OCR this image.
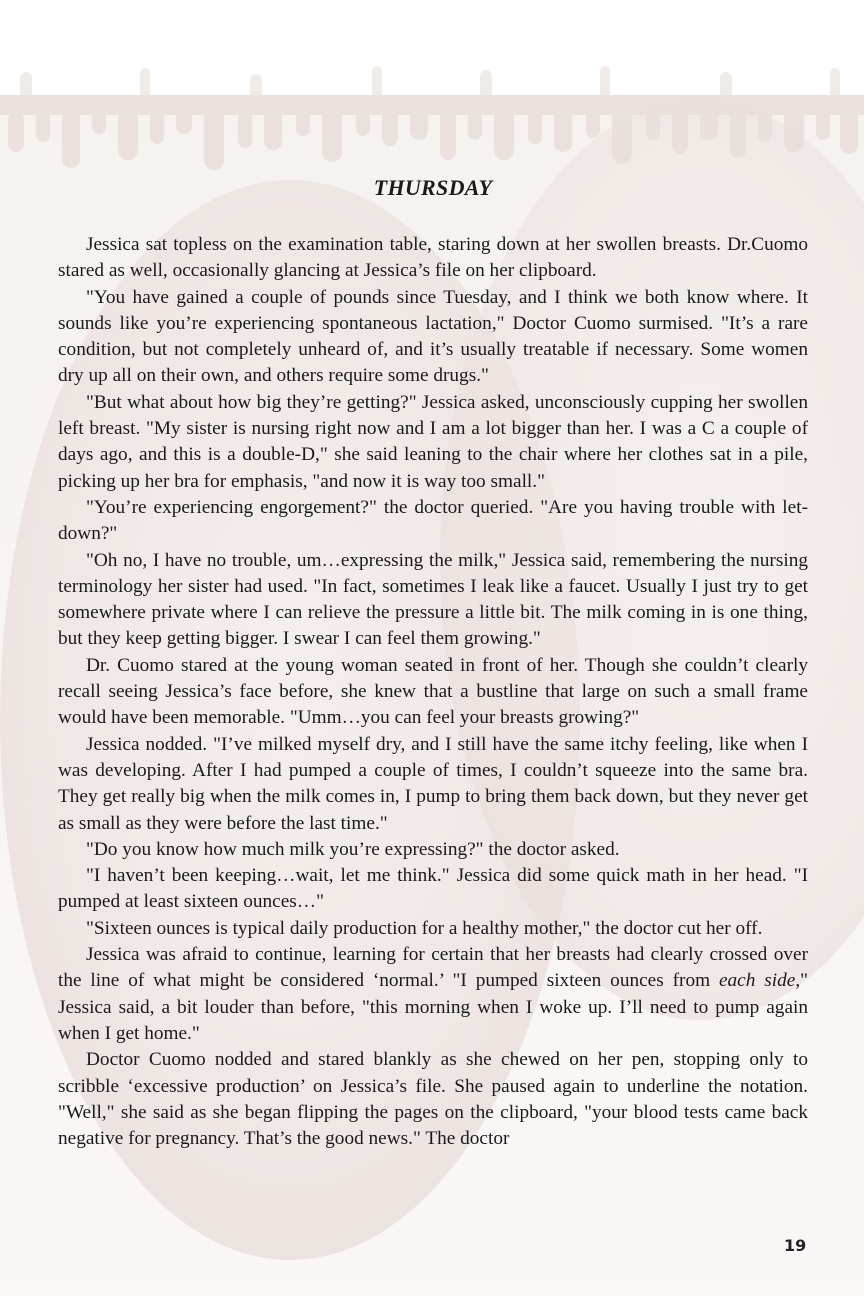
THURSDAY

Jessica sat topless on the examination table, staring down at her swollen breasts. Dr.Cuomo stared as well, occasionally glancing at Jessica’s file on her clipboard.

"You have gained a couple of pounds since Tuesday, and I think we both know where. It sounds like you’re experiencing spontaneous lactation," Doctor Cuomo surmised. "It’s a rare condition, but not completely unheard of, and it’s usually treatable if necessary. Some women dry up all on their own, and others require some drugs."

"But what about how big they’re getting?" Jessica asked, unconsciously cupping her swollen left breast. "My sister is nursing right now and I am a lot bigger than her. I was a C a couple of days ago, and this is a double-D," she said leaning to the chair where her clothes sat in a pile, picking up her bra for emphasis, "and now it is way too small."

"You’re experiencing engorgement?" the doctor queried. "Are you having trouble with let-down?"

"Oh no, I have no trouble, um…expressing the milk," Jessica said, remembering the nursing terminology her sister had used. "In fact, sometimes I leak like a faucet. Usually I just try to get somewhere private where I can relieve the pressure a little bit. The milk coming in is one thing, but they keep getting bigger. I swear I can feel them growing."

Dr. Cuomo stared at the young woman seated in front of her. Though she couldn’t clearly recall seeing Jessica’s face before, she knew that a bustline that large on such a small frame would have been memorable. "Umm…you can feel your breasts growing?"

Jessica nodded. "I’ve milked myself dry, and I still have the same itchy feeling, like when I was developing. After I had pumped a couple of times, I couldn’t squeeze into the same bra. They get really big when the milk comes in, I pump to bring them back down, but they never get as small as they were before the last time."

"Do you know how much milk you’re expressing?" the doctor asked.

"I haven’t been keeping…wait, let me think." Jessica did some quick math in her head. "I pumped at least sixteen ounces…"

"Sixteen ounces is typical daily production for a healthy mother," the doctor cut her off.

Jessica was afraid to continue, learning for certain that her breasts had clearly crossed over the line of what might be considered ‘normal.’ "I pumped sixteen ounces from each side," Jessica said, a bit louder than before, "this morning when I woke up. I’ll need to pump again when I get home."

Doctor Cuomo nodded and stared blankly as she chewed on her pen, stopping only to scribble ‘excessive production’ on Jessica’s file. She paused again to underline the notation. "Well," she said as she began flipping the pages on the clipboard, "your blood tests came back negative for pregnancy. That’s the good news." The doctor

19
